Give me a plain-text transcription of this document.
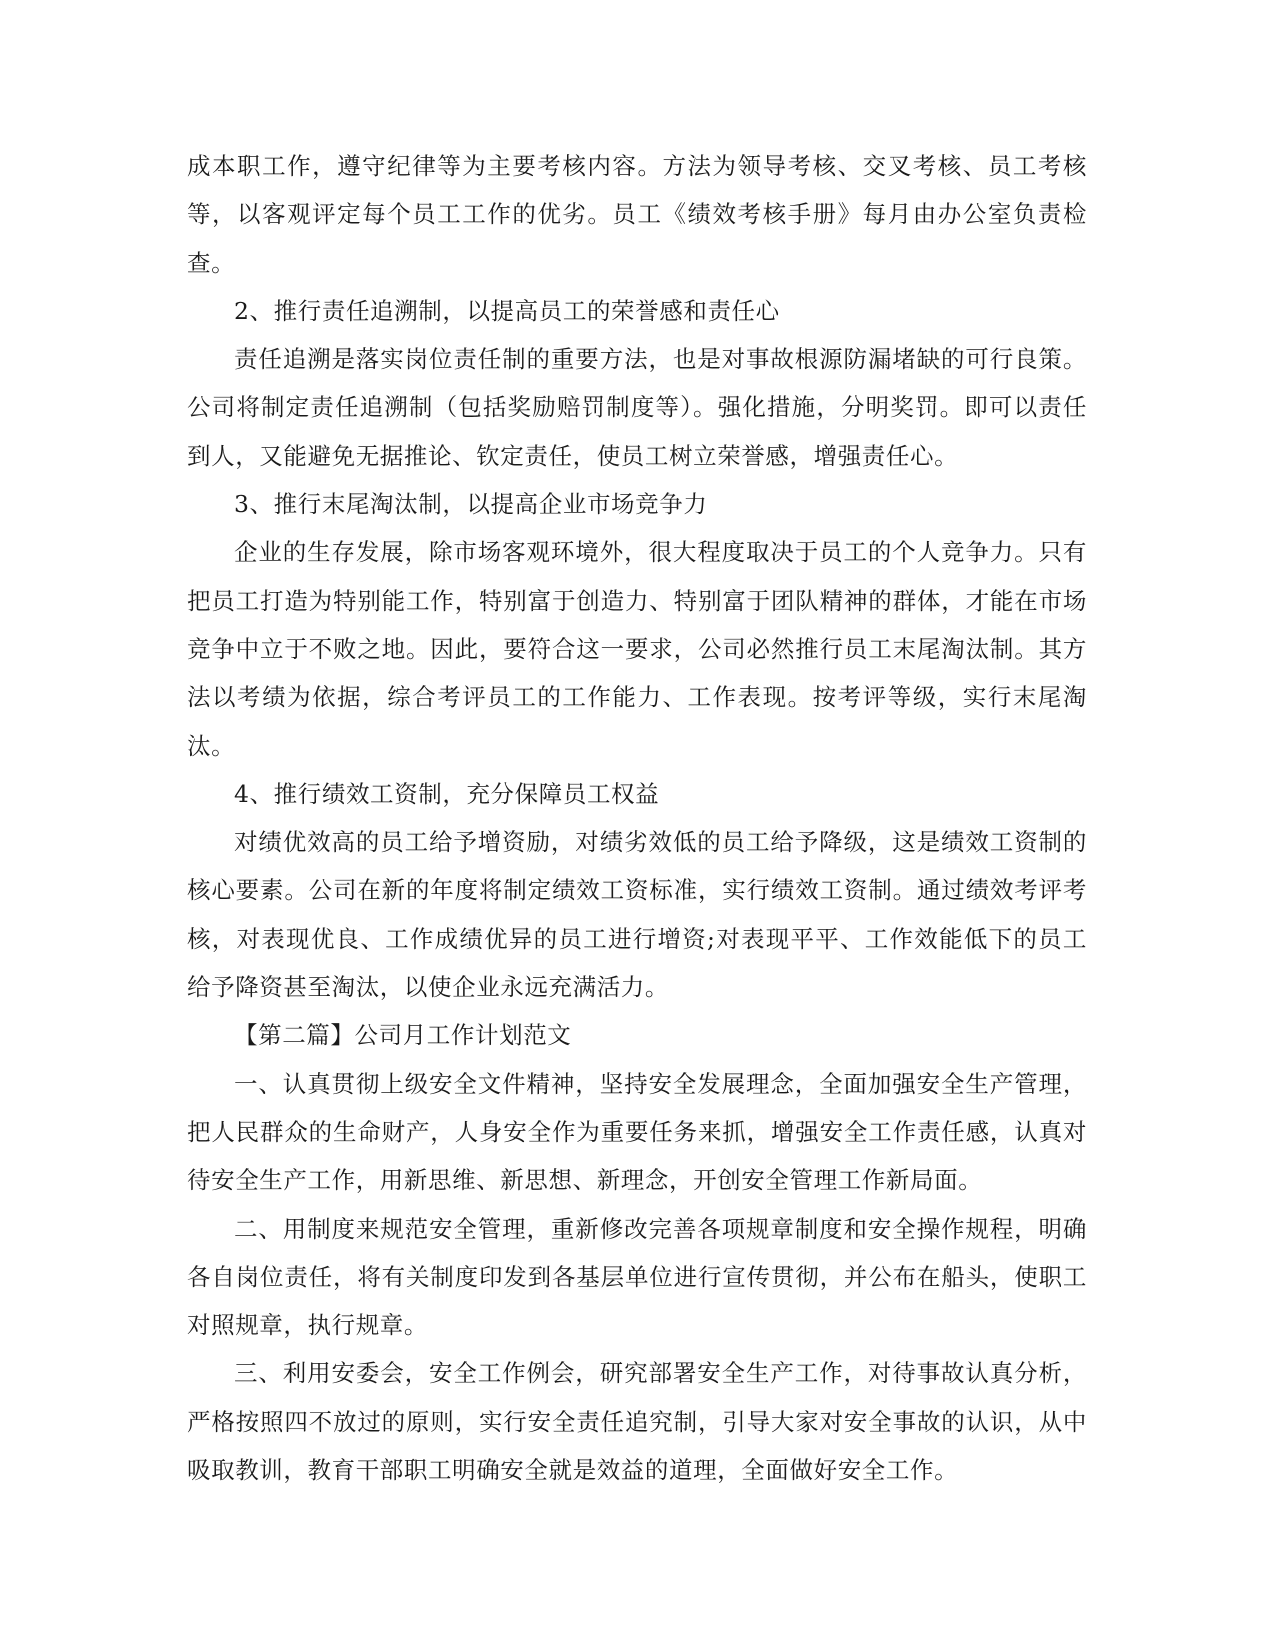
成本职工作，遵守纪律等为主要考核内容。方法为领导考核、交叉考核、员工考核等，以客观评定每个员工工作的优劣。员工《绩效考核手册》每月由办公室负责检查。

2、推行责任追溯制，以提高员工的荣誉感和责任心

责任追溯是落实岗位责任制的重要方法，也是对事故根源防漏堵缺的可行良策。公司将制定责任追溯制（包括奖励赔罚制度等）。强化措施，分明奖罚。即可以责任到人，又能避免无据推论、钦定责任，使员工树立荣誉感，增强责任心。

3、推行末尾淘汰制，以提高企业市场竞争力

企业的生存发展，除市场客观环境外，很大程度取决于员工的个人竞争力。只有把员工打造为特别能工作，特别富于创造力、特别富于团队精神的群体，才能在市场竞争中立于不败之地。因此，要符合这一要求，公司必然推行员工末尾淘汰制。其方法以考绩为依据，综合考评员工的工作能力、工作表现。按考评等级，实行末尾淘汰。

4、推行绩效工资制，充分保障员工权益

对绩优效高的员工给予增资励，对绩劣效低的员工给予降级，这是绩效工资制的核心要素。公司在新的年度将制定绩效工资标准，实行绩效工资制。通过绩效考评考核，对表现优良、工作成绩优异的员工进行增资;对表现平平、工作效能低下的员工给予降资甚至淘汰，以使企业永远充满活力。

【第二篇】公司月工作计划范文

一、认真贯彻上级安全文件精神，坚持安全发展理念，全面加强安全生产管理，把人民群众的生命财产，人身安全作为重要任务来抓，增强安全工作责任感，认真对待安全生产工作，用新思维、新思想、新理念，开创安全管理工作新局面。

二、用制度来规范安全管理，重新修改完善各项规章制度和安全操作规程，明确各自岗位责任，将有关制度印发到各基层单位进行宣传贯彻，并公布在船头，使职工对照规章，执行规章。

三、利用安委会，安全工作例会，研究部署安全生产工作，对待事故认真分析，严格按照四不放过的原则，实行安全责任追究制，引导大家对安全事故的认识，从中吸取教训，教育干部职工明确安全就是效益的道理，全面做好安全工作。
